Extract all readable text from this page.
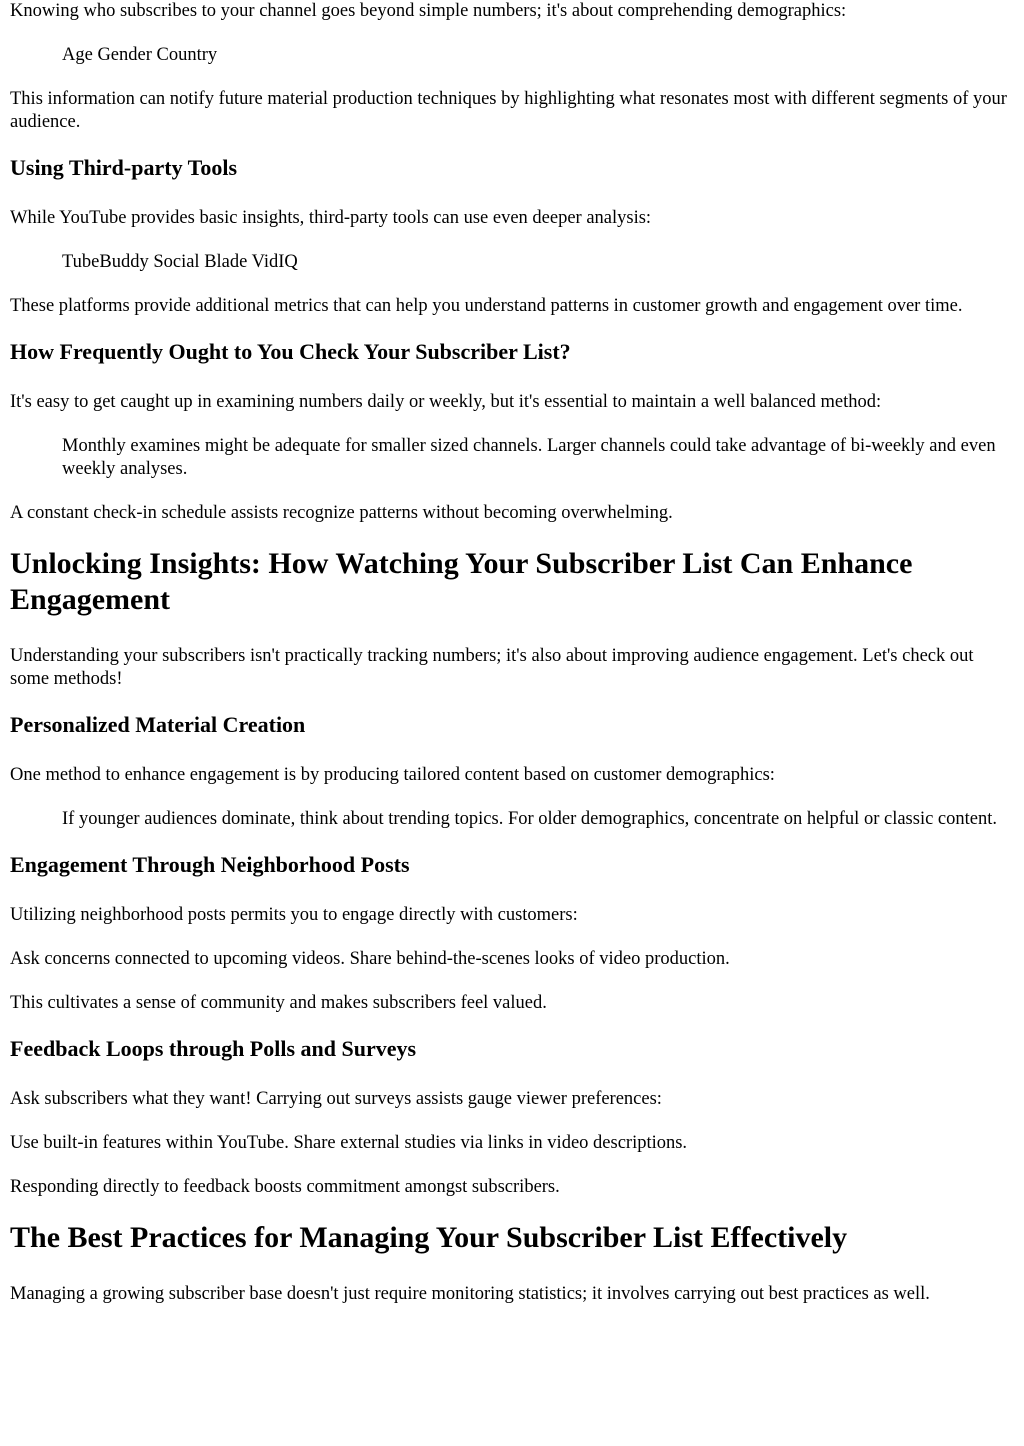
Knowing who subscribes to your channel goes beyond simple numbers; it's about comprehending demographics:

Age Gender Country

This information can notify future material production techniques by highlighting what resonates most with different segments of your audience.

Using Third-party Tools

While YouTube provides basic insights, third-party tools can use even deeper analysis:

TubeBuddy Social Blade VidIQ

These platforms provide additional metrics that can help you understand patterns in customer growth and engagement over time.

How Frequently Ought to You Check Your Subscriber List?

It's easy to get caught up in examining numbers daily or weekly, but it's essential to maintain a well balanced method:

Monthly examines might be adequate for smaller sized channels. Larger channels could take advantage of bi-weekly and even weekly analyses.

A constant check-in schedule assists recognize patterns without becoming overwhelming.

Unlocking Insights: How Watching Your Subscriber List Can Enhance Engagement

Understanding your subscribers isn't practically tracking numbers; it's also about improving audience engagement. Let's check out some methods!

Personalized Material Creation

One method to enhance engagement is by producing tailored content based on customer demographics:

If younger audiences dominate, think about trending topics. For older demographics, concentrate on helpful or classic content.

Engagement Through Neighborhood Posts

Utilizing neighborhood posts permits you to engage directly with customers:

Ask concerns connected to upcoming videos. Share behind-the-scenes looks of video production.

This cultivates a sense of community and makes subscribers feel valued.

Feedback Loops through Polls and Surveys

Ask subscribers what they want! Carrying out surveys assists gauge viewer preferences:

Use built-in features within YouTube. Share external studies via links in video descriptions.

Responding directly to feedback boosts commitment amongst subscribers.

The Best Practices for Managing Your Subscriber List Effectively

Managing a growing subscriber base doesn't just require monitoring statistics; it involves carrying out best practices as well.
